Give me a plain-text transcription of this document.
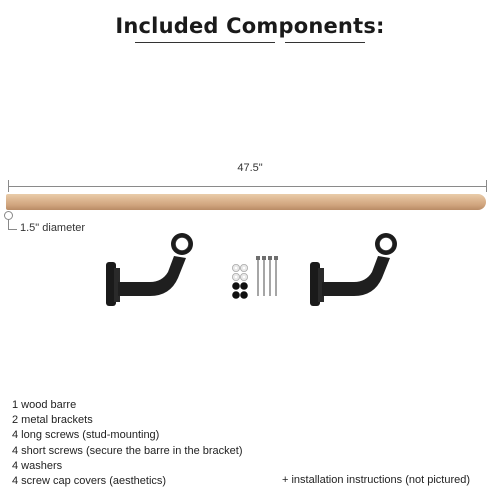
Included Components:
47.5"
1.5" diameter
1 wood barre
2 metal brackets
4 long screws (stud-mounting)
4 short screws (secure the barre in the bracket)
4 washers
4 screw cap covers (aesthetics)	+ installation instructions (not pictured)
